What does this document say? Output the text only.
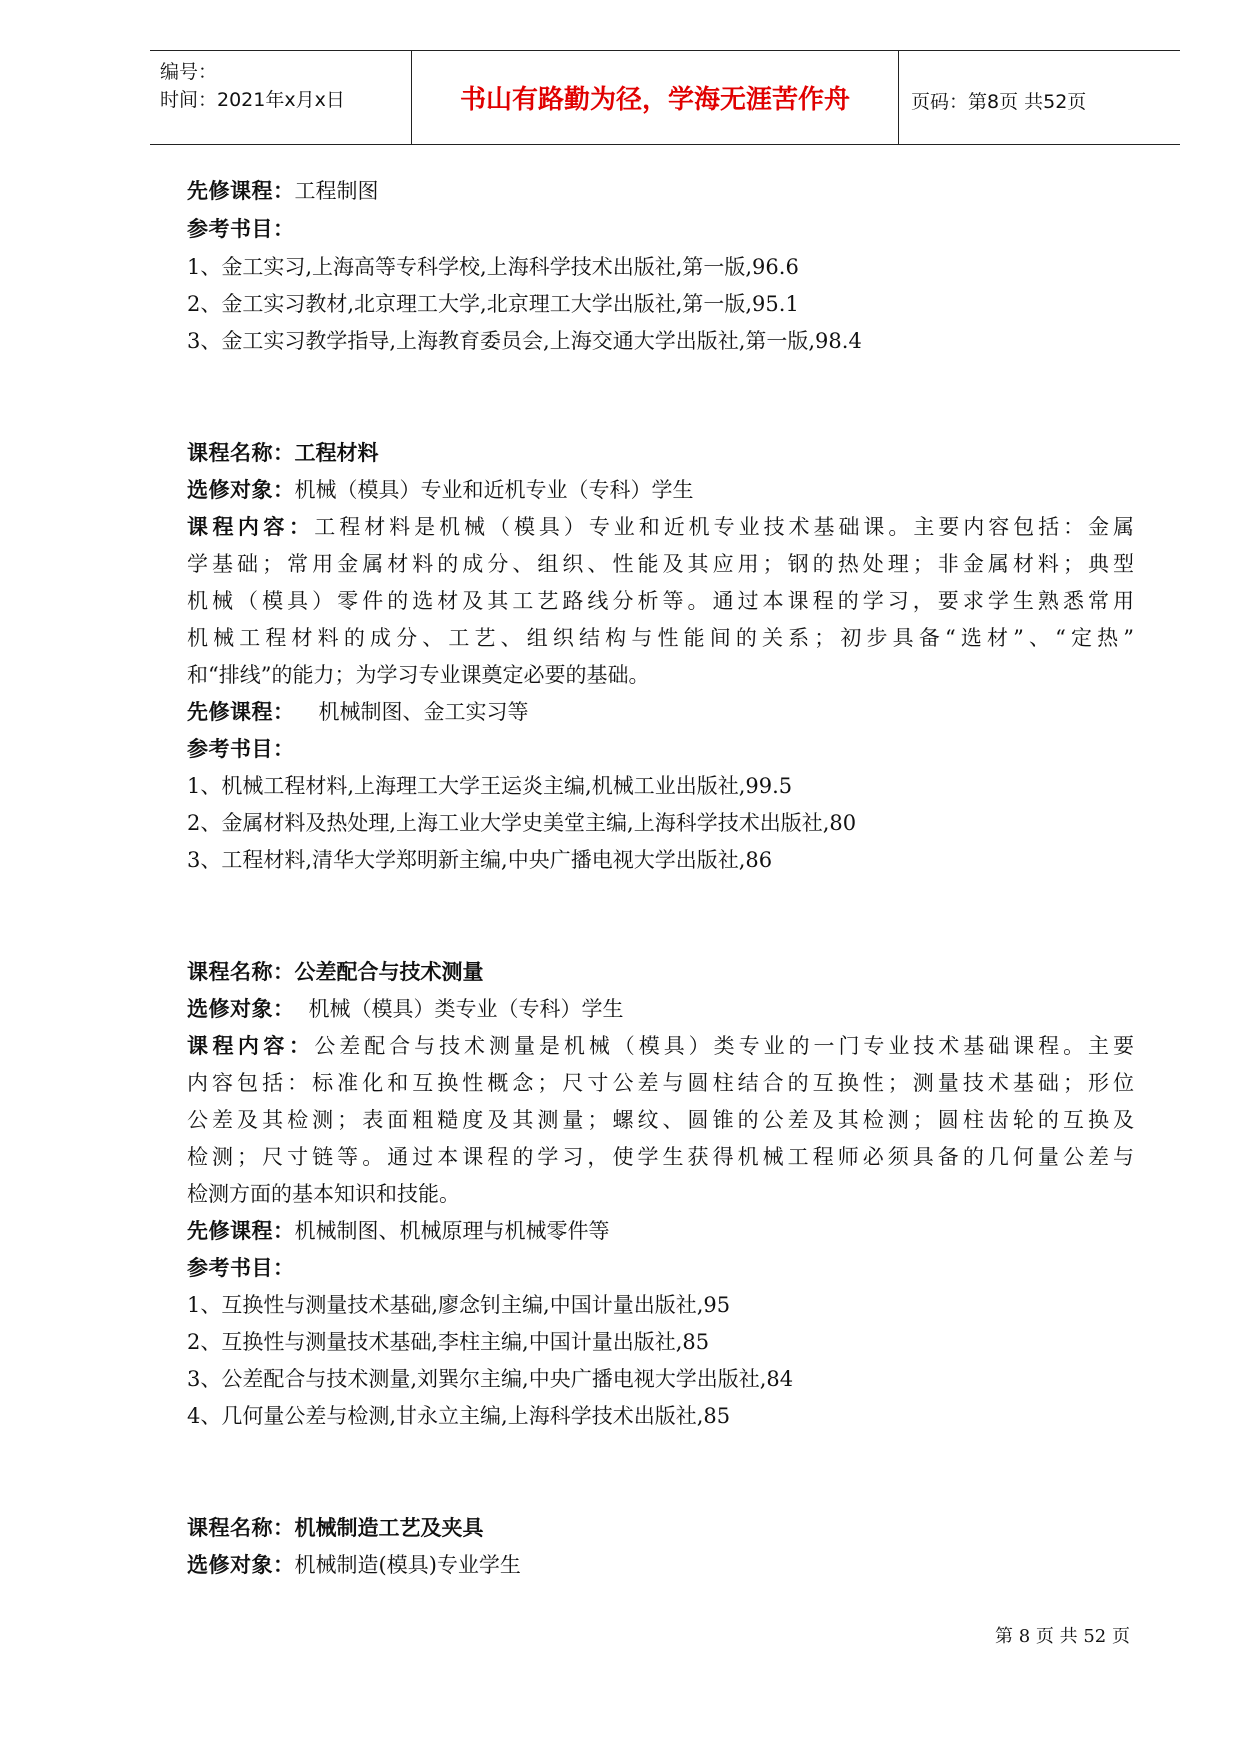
编号：
时间：2021年x月x日	书山有路勤为径，学海无涯苦作舟	页码：第8页 共52页
先修课程：工程制图
参考书目：
1、金工实习,上海高等专科学校,上海科学技术出版社,第一版,96.6
2、金工实习教材,北京理工大学,北京理工大学出版社,第一版,95.1
3、金工实习教学指导,上海教育委员会,上海交通大学出版社,第一版,98.4
课程名称：工程材料
选修对象：机械（模具）专业和近机专业（专科）学生
课程内容：工程材料是机械（模具）专业和近机专业技术基础课。主要内容包括：金属
学基础；常用金属材料的成分、组织、性能及其应用；钢的热处理；非金属材料；典型
机械（模具）零件的选材及其工艺路线分析等。通过本课程的学习，要求学生熟悉常用
机械工程材料的成分、工艺、组织结构与性能间的关系；初步具备“选材”、“定热”
和“排线”的能力；为学习专业课奠定必要的基础。
先修课程： 机械制图、金工实习等
参考书目：
1、机械工程材料,上海理工大学王运炎主编,机械工业出版社,99.5
2、金属材料及热处理,上海工业大学史美堂主编,上海科学技术出版社,80
3、工程材料,清华大学郑明新主编,中央广播电视大学出版社,86
课程名称：公差配合与技术测量
选修对象： 机械（模具）类专业（专科）学生
课程内容：公差配合与技术测量是机械（模具）类专业的一门专业技术基础课程。主要
内容包括：标准化和互换性概念；尺寸公差与圆柱结合的互换性；测量技术基础；形位
公差及其检测；表面粗糙度及其测量；螺纹、圆锥的公差及其检测；圆柱齿轮的互换及
检测；尺寸链等。通过本课程的学习，使学生获得机械工程师必须具备的几何量公差与
检测方面的基本知识和技能。
先修课程：机械制图、机械原理与机械零件等
参考书目：
1、互换性与测量技术基础,廖念钊主编,中国计量出版社,95
2、互换性与测量技术基础,李柱主编,中国计量出版社,85
3、公差配合与技术测量,刘巽尔主编,中央广播电视大学出版社,84
4、几何量公差与检测,甘永立主编,上海科学技术出版社,85
课程名称：机械制造工艺及夹具
选修对象：机械制造(模具)专业学生
第 8 页 共 52 页
